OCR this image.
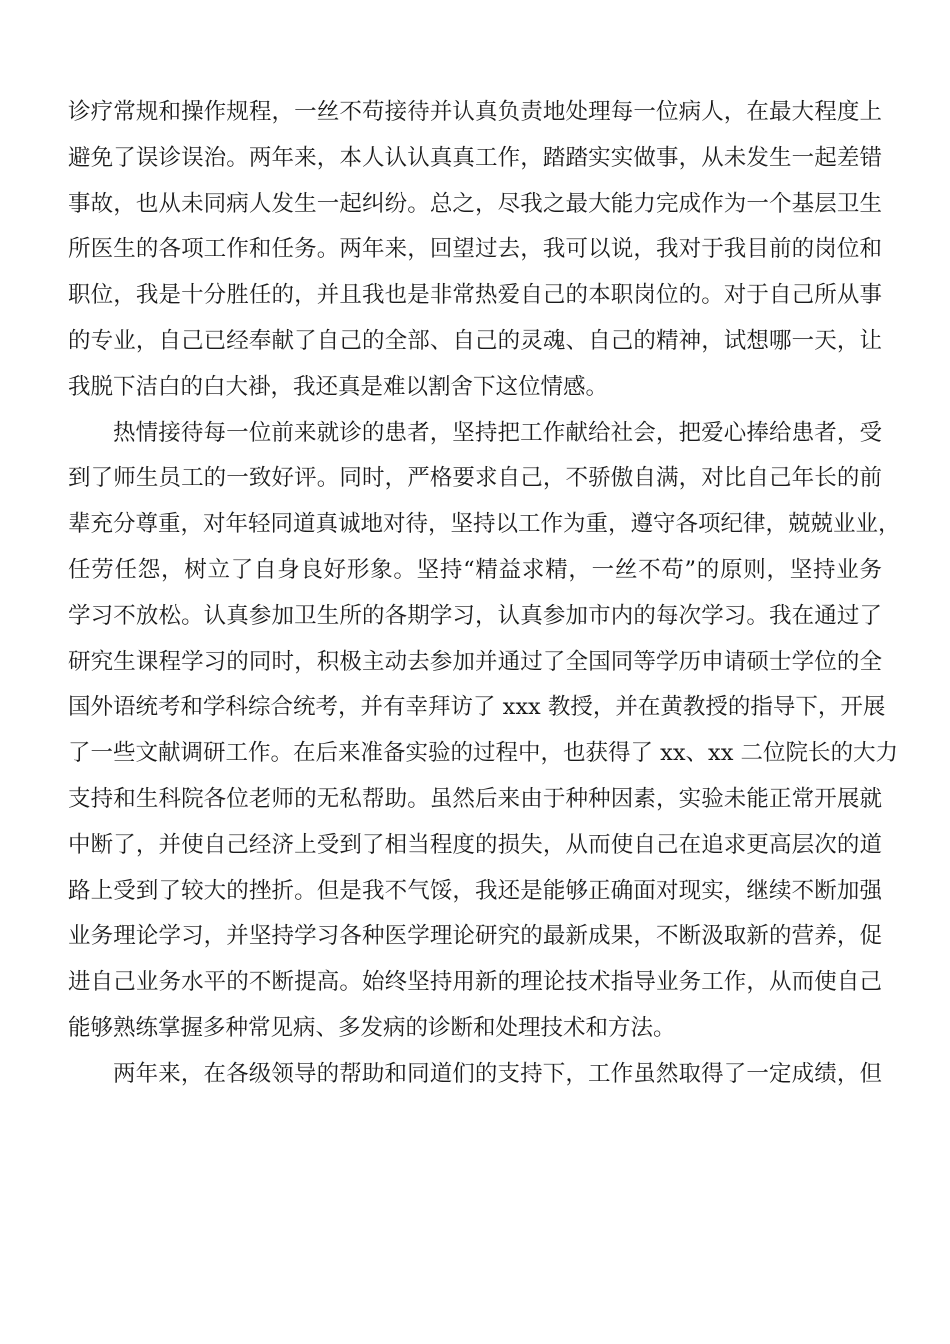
诊疗常规和操作规程，一丝不苟接待并认真负责地处理每一位病人，在最大程度上
避免了误诊误治。两年来，本人认认真真工作，踏踏实实做事，从未发生一起差错
事故，也从未同病人发生一起纠纷。总之，尽我之最大能力完成作为一个基层卫生
所医生的各项工作和任务。两年来，回望过去，我可以说，我对于我目前的岗位和
职位，我是十分胜任的，并且我也是非常热爱自己的本职岗位的。对于自己所从事
的专业，自己已经奉献了自己的全部、自己的灵魂、自己的精神，试想哪一天，让
我脱下洁白的白大褂，我还真是难以割舍下这位情感。
热情接待每一位前来就诊的患者，坚持把工作献给社会，把爱心捧给患者，受
到了师生员工的一致好评。同时，严格要求自己，不骄傲自满，对比自己年长的前
辈充分尊重，对年轻同道真诚地对待，坚持以工作为重，遵守各项纪律，兢兢业业，
任劳任怨，树立了自身良好形象。坚持“精益求精，一丝不苟”的原则，坚持业务
学习不放松。认真参加卫生所的各期学习，认真参加市内的每次学习。我在通过了
研究生课程学习的同时，积极主动去参加并通过了全国同等学历申请硕士学位的全
国外语统考和学科综合统考，并有幸拜访了 xxx 教授，并在黄教授的指导下，开展
了一些文献调研工作。在后来准备实验的过程中，也获得了 xx、xx 二位院长的大力
支持和生科院各位老师的无私帮助。虽然后来由于种种因素，实验未能正常开展就
中断了，并使自己经济上受到了相当程度的损失，从而使自己在追求更高层次的道
路上受到了较大的挫折。但是我不气馁，我还是能够正确面对现实，继续不断加强
业务理论学习，并坚持学习各种医学理论研究的最新成果，不断汲取新的营养，促
进自己业务水平的不断提高。始终坚持用新的理论技术指导业务工作，从而使自己
能够熟练掌握多种常见病、多发病的诊断和处理技术和方法。
两年来，在各级领导的帮助和同道们的支持下，工作虽然取得了一定成绩，但
